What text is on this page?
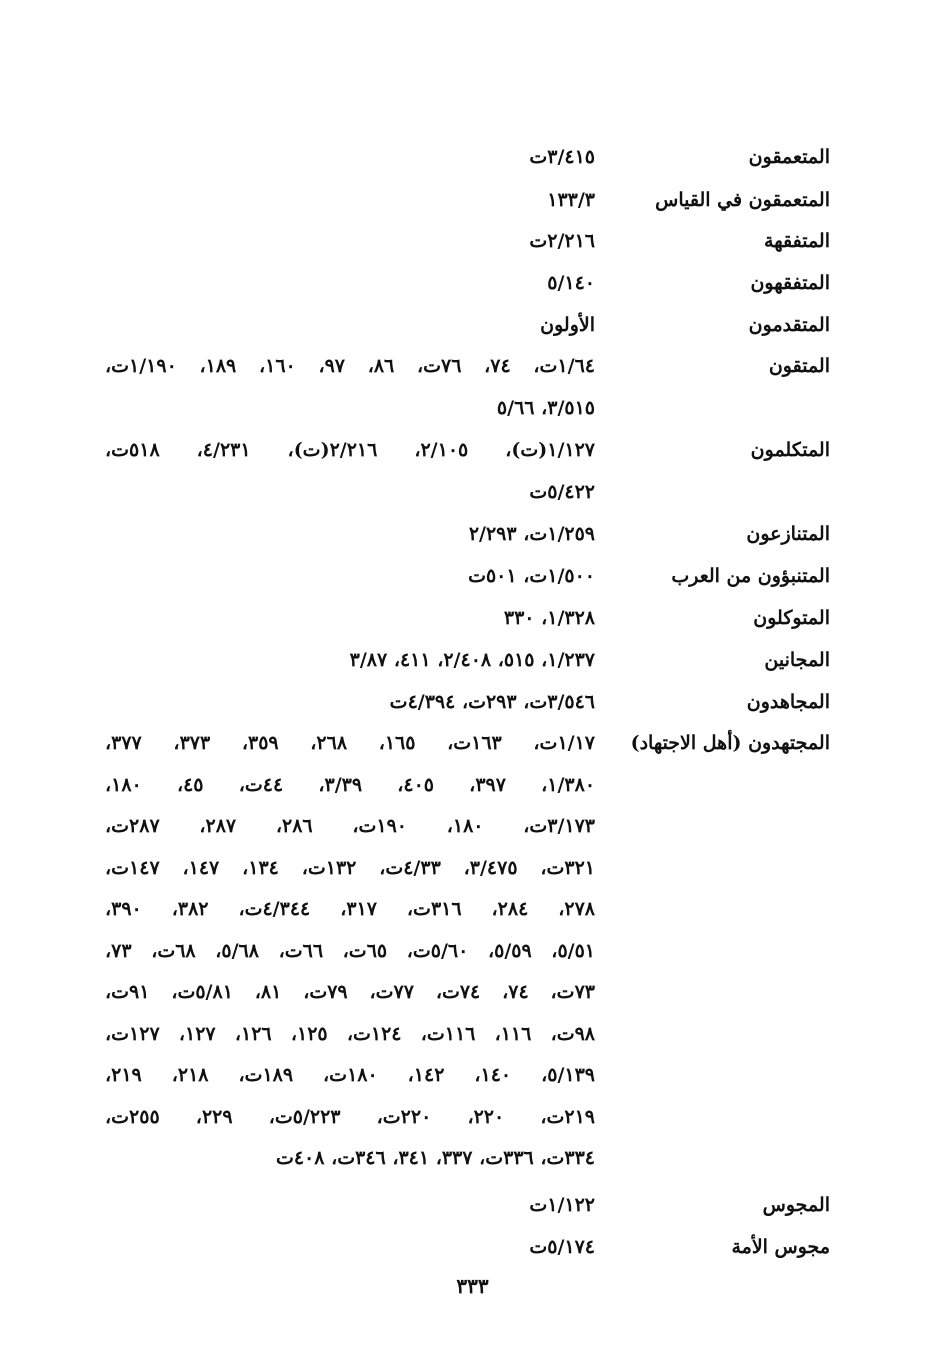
المتعمقون
٣/٤١٥ت
المتعمقون في القياس
١٣٣/٣
المتفقهة
٢/٢١٦ت
المتفقهون
٥/١٤٠
المتقدمون
الأولون
المتقون
١/٦٤ت، ٧٤، ٧٦ت، ٨٦، ٩٧، ١٦٠، ١٨٩، ١/١٩٠ت،
٣/٥١٥، ٥/٦٦
المتكلمون
١/١٢٧(ت)، ٢/١٠٥، ٢/٢١٦(ت)، ٤/٢٣١، ٥١٨ت،
٥/٤٢٢ت
المتنازعون
١/٢٥٩ت، ٢/٢٩٣
المتنبؤون من العرب
١/٥٠٠ت، ٥٠١ت
المتوكلون
١/٣٢٨، ٣٣٠
المجانين
١/٢٣٧، ٥١٥، ٢/٤٠٨، ٤١١، ٣/٨٧
المجاهدون
٣/٥٤٦ت، ٢٩٣ت، ٤/٣٩٤ت
المجتهدون (أهل الاجتهاد)
١/١٧ت، ١٦٣ت، ١٦٥، ٢٦٨، ٣٥٩، ٣٧٣، ٣٧٧،
١/٣٨٠، ٣٩٧، ٤٠٥، ٣/٣٩، ٤٤ت، ٤٥، ١٨٠،
٣/١٧٣ت، ١٨٠، ١٩٠ت، ٢٨٦، ٢٨٧، ٢٨٧ت،
٣٢١ت، ٣/٤٧٥، ٤/٣٣ت، ١٣٢ت، ١٣٤، ١٤٧، ١٤٧ت،
٢٧٨، ٢٨٤، ٣١٦ت، ٣١٧، ٤/٣٤٤ت، ٣٨٢، ٣٩٠،
٥/٥١، ٥/٥٩، ٥/٦٠ت، ٦٥ت، ٦٦ت، ٥/٦٨، ٦٨ت، ٧٣،
٧٣ت، ٧٤، ٧٤ت، ٧٧ت، ٧٩ت، ٨١، ٥/٨١ت، ٩١ت،
٩٨ت، ١١٦، ١١٦ت، ١٢٤ت، ١٢٥، ١٢٦، ١٢٧، ١٢٧ت،
٥/١٣٩، ١٤٠، ١٤٢، ١٨٠ت، ١٨٩ت، ٢١٨، ٢١٩،
٢١٩ت، ٢٢٠، ٢٢٠ت، ٥/٢٢٣ت، ٢٢٩، ٢٥٥ت،
٣٣٤ت، ٣٣٦ت، ٣٣٧، ٣٤١، ٣٤٦ت، ٤٠٨ت
المجوس
١/١٢٢ت
مجوس الأمة
٥/١٧٤ت
٣٣٣
